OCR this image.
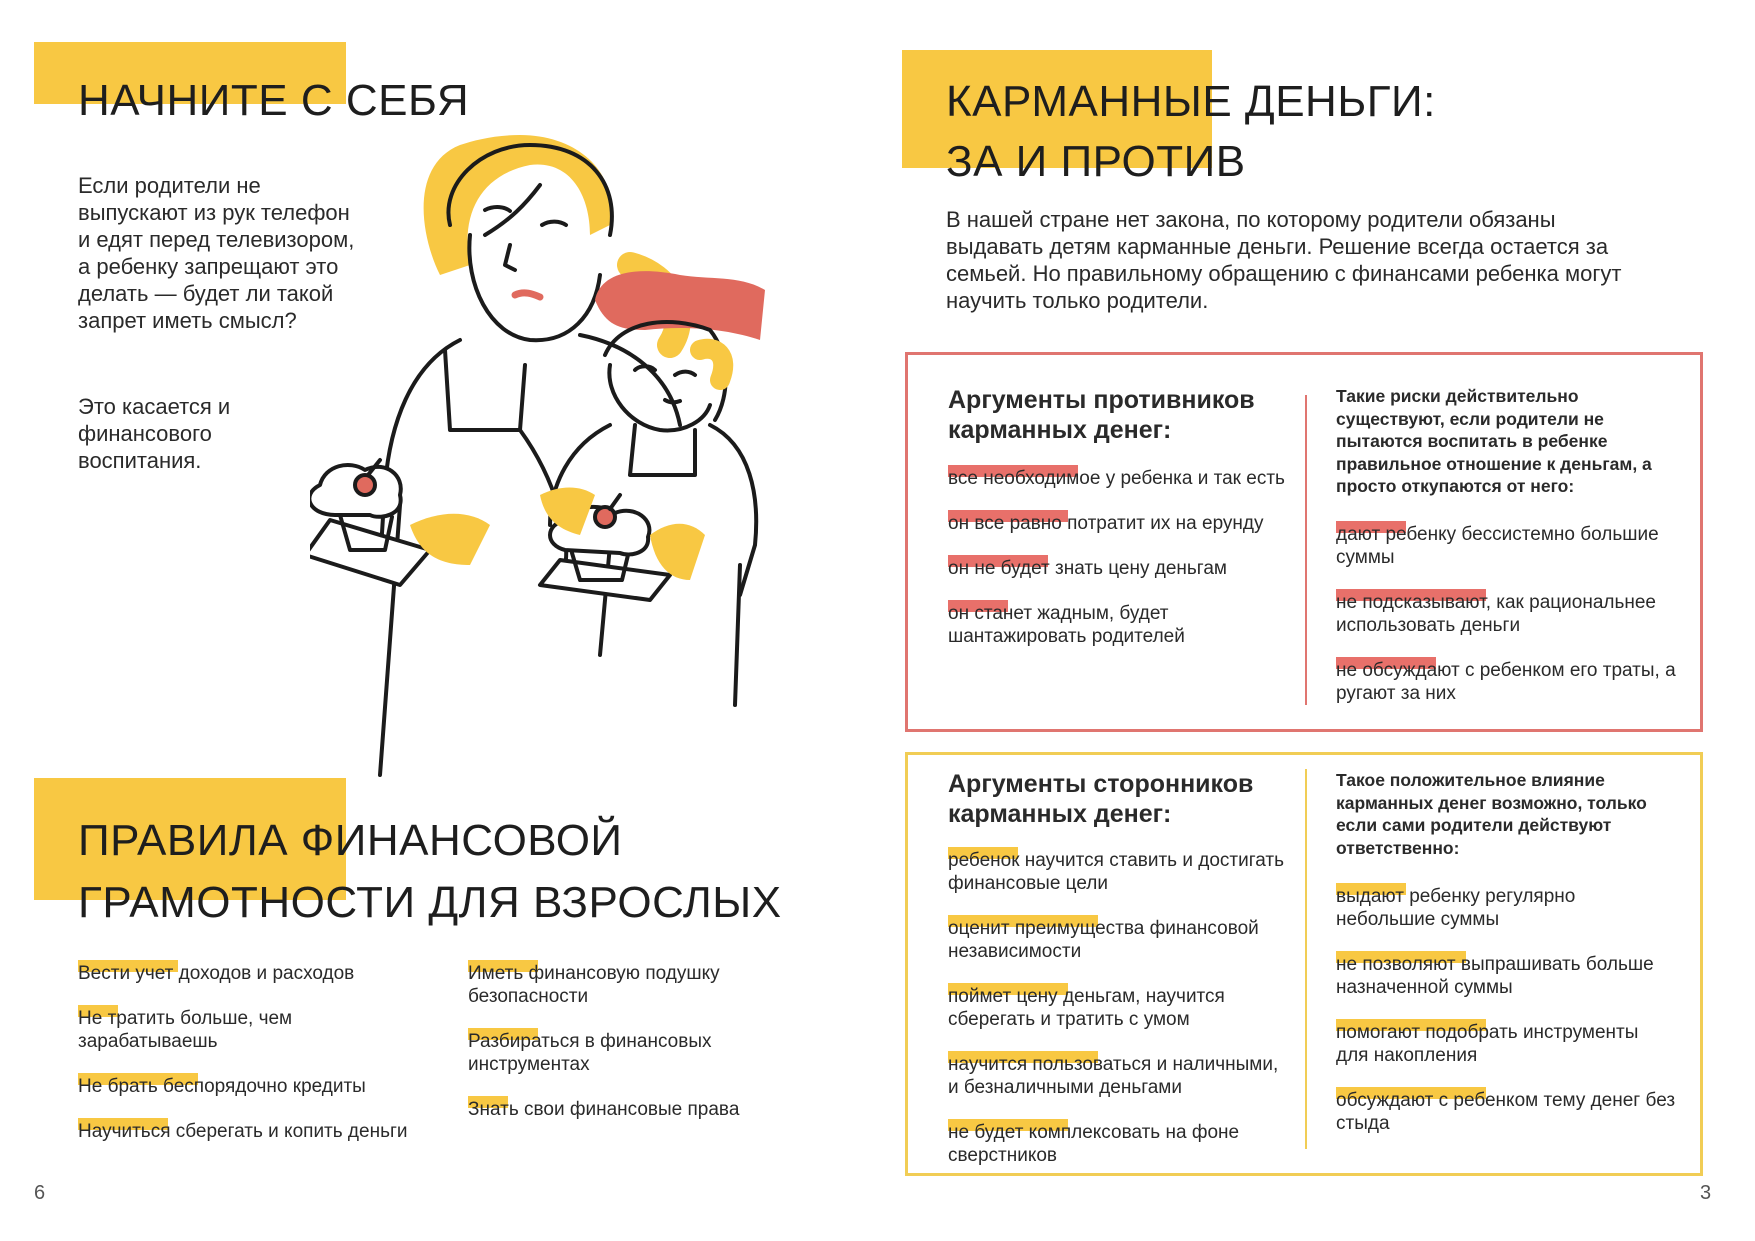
НАЧНИТЕ С СЕБЯ
Если родители не выпускают из рук телефон и едят перед телевизором, а ребенку запрещают это делать — будет ли такой запрет иметь смысл?
Это касается и финансового воспитания.
ПРАВИЛА ФИНАНСОВОЙ
ГРАМОТНОСТИ ДЛЯ ВЗРОСЛЫХ
Вести учет доходов и расходов
Не тратить больше, чем зарабатываешь
Не брать беспорядочно кредиты
Научиться сберегать и копить деньги
Иметь финансовую подушку безопасности
Разбираться в финансовых инструментах
Знать свои финансовые права
6
КАРМАННЫЕ ДЕНЬГИ:
ЗА И ПРОТИВ
В нашей стране нет закона, по которому родители обязаны выдавать детям карманные деньги. Решение всегда остается за семьей. Но правильному обращению с финансами ребенка могут научить только родители.
Аргументы противников карманных денег:
все необходимое у ребенка и так есть
он все равно потратит их на ерунду
он не будет знать цену деньгам
он станет жадным, будет шантажировать родителей
Такие риски действительно существуют, если родители не пытаются воспитать в ребенке правильное отношение к деньгам, а просто откупаются от него:
дают ребенку бессистемно большие суммы
не подсказывают, как рациональнее использовать деньги
не обсуждают с ребенком его траты, а ругают за них
Аргументы сторонников карманных денег:
ребенок научится ставить и достигать финансовые цели
оценит преимущества финансовой независимости
поймет цену деньгам, научится сберегать и тратить с умом
научится пользоваться и наличными, и безналичными деньгами
не будет комплексовать на фоне сверстников
Такое положительное влияние карманных денег возможно, только если сами родители действуют ответственно:
выдают ребенку регулярно небольшие суммы
не позволяют выпрашивать больше назначенной суммы
помогают подобрать инструменты для накопления
обсуждают с ребенком тему денег без стыда
3
